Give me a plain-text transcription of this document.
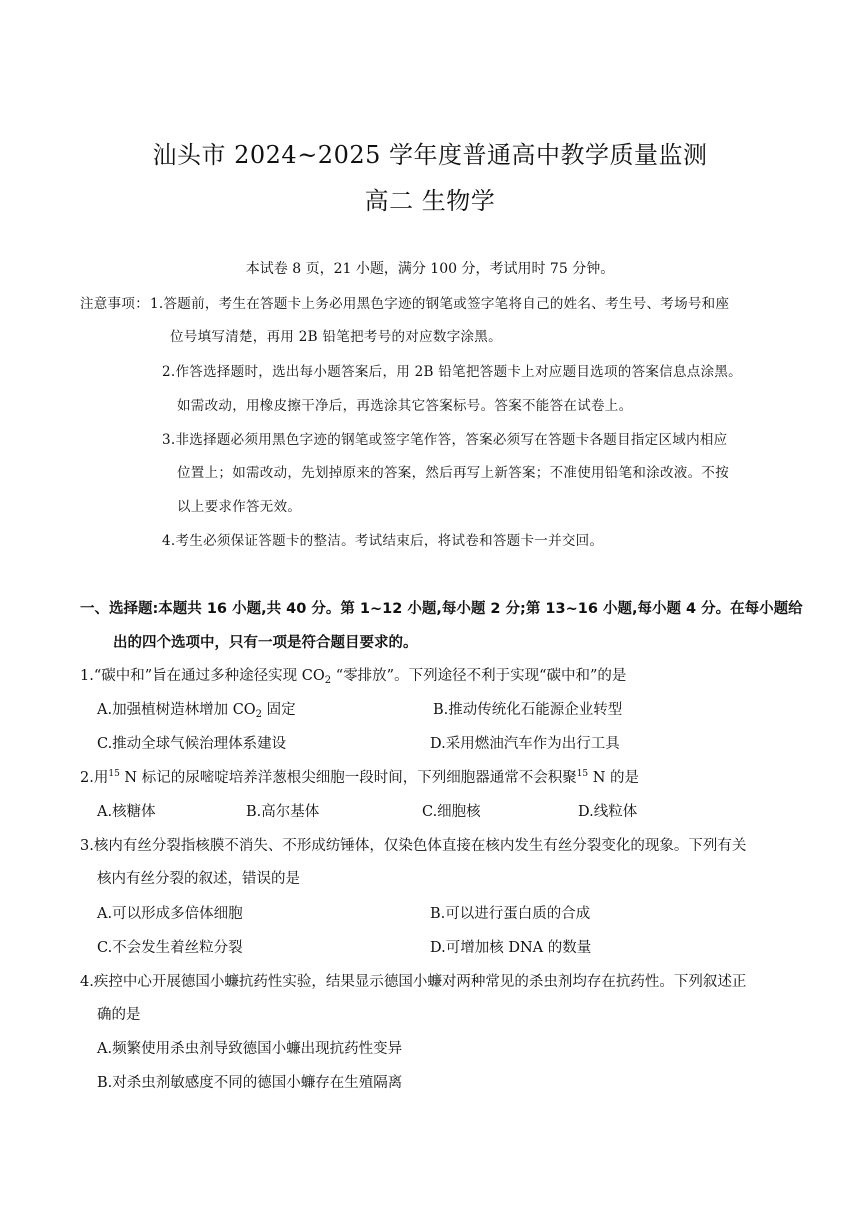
汕头市 2024~2025 学年度普通高中教学质量监测
高二 生物学
本试卷 8 页，21 小题，满分 100 分，考试用时 75 分钟。
注意事项： 1.答题前，考生在答题卡上务必用黑色字迹的钢笔或签字笔将自己的姓名、考生号、考场号和座
位号填写清楚，再用 2B 铅笔把考号的对应数字涂黑。
2.作答选择题时，选出每小题答案后，用 2B 铅笔把答题卡上对应题目选项的答案信息点涂黑。
如需改动，用橡皮擦干净后，再选涂其它答案标号。答案不能答在试卷上。
3.非选择题必须用黑色字迹的钢笔或签字笔作答，答案必须写在答题卡各题目指定区域内相应
位置上；如需改动，先划掉原来的答案，然后再写上新答案；不准使用铅笔和涂改液。不按
以上要求作答无效。
4.考生必须保证答题卡的整洁。考试结束后，将试卷和答题卡一并交回。
一、选择题:本题共 16 小题,共 40 分。第 1~12 小题,每小题 2 分;第 13~16 小题,每小题 4 分。在每小题给
出的四个选项中，只有一项是符合题目要求的。
1.“碳中和”旨在通过多种途径实现 $CO_2$ “零排放”。下列途径不利于实现“碳中和”的是
A.加强植树造林增加 $CO_2$ 固定	B.推动传统化石能源企业转型
C.推动全球气候治理体系建设	D.采用燃油汽车作为出行工具
2.用$^{15}$ N 标记的尿嘧啶培养洋葱根尖细胞一段时间，下列细胞器通常不会积聚$^{15}$ N 的是
A.核糖体	B.高尔基体	C.细胞核	D.线粒体
3.核内有丝分裂指核膜不消失、不形成纺锤体，仅染色体直接在核内发生有丝分裂变化的现象。下列有关
核内有丝分裂的叙述，错误的是
A.可以形成多倍体细胞	B.可以进行蛋白质的合成
C.不会发生着丝粒分裂	D.可增加核 DNA 的数量
4.疾控中心开展德国小蠊抗药性实验，结果显示德国小蠊对两种常见的杀虫剂均存在抗药性。下列叙述正
确的是
A.频繁使用杀虫剂导致德国小蠊出现抗药性变异
B.对杀虫剂敏感度不同的德国小蠊存在生殖隔离
